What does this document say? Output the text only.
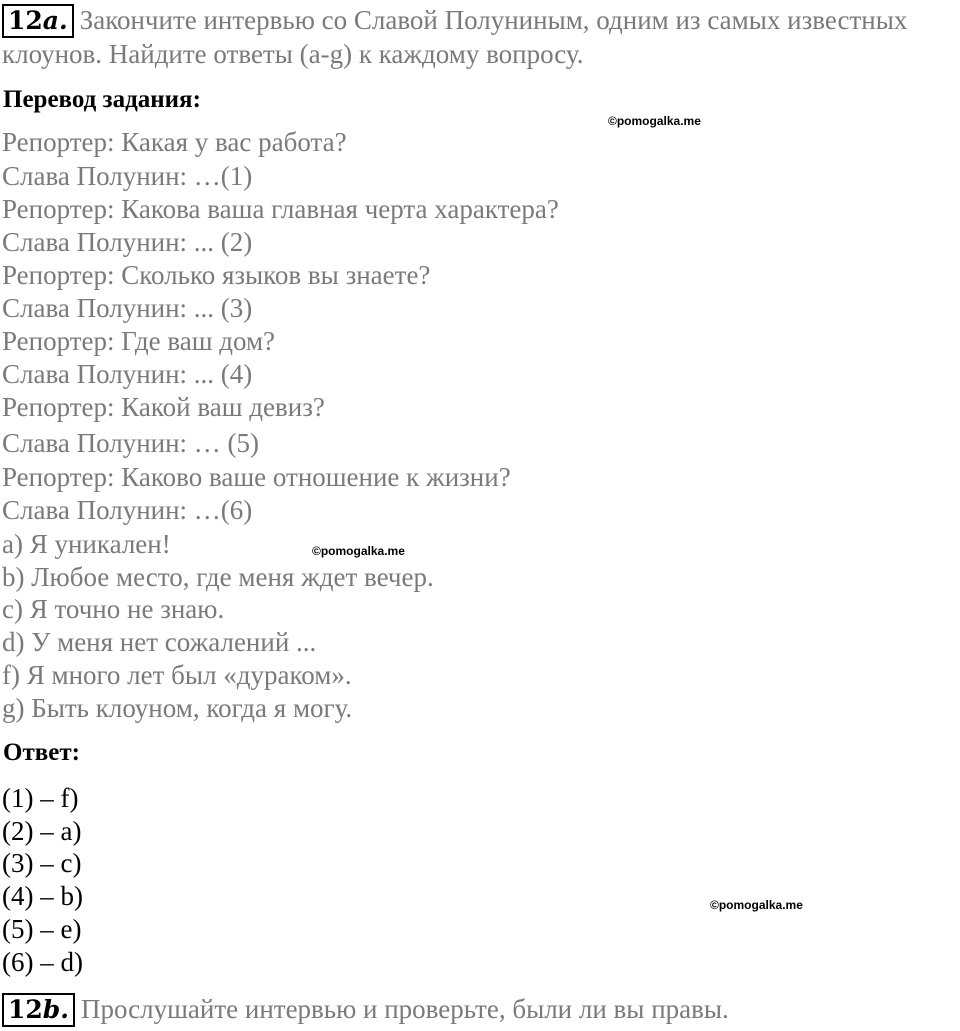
12a. Закончите интервью со Славой Полуниным, одним из самых известных клоунов. Найдите ответы (a-g) к каждому вопросу.
Перевод задания:
©pomogalka.me
Репортер: Какая у вас работа?
Слава Полунин: …(1)
Репортер: Какова ваша главная черта характера?
Слава Полунин: ... (2)
Репортер: Сколько языков вы знаете?
Слава Полунин: ... (3)
Репортер: Где ваш дом?
Слава Полунин: ... (4)
Репортер: Какой ваш девиз?
Слава Полунин: … (5)
Репортер: Каково ваше отношение к жизни?
Слава Полунин: …(6)
a) Я уникален!	©pomogalka.me
b) Любое место, где меня ждет вечер.
c) Я точно не знаю.
d) У меня нет сожалений ...
f) Я много лет был «дураком».
g) Быть клоуном, когда я могу.
Ответ:
(1) – f)
(2) – a)
(3) – c)
(4) – b)
(5) – e)
(6) – d)
©pomogalka.me
12b. Прослушайте интервью и проверьте, были ли вы правы.
